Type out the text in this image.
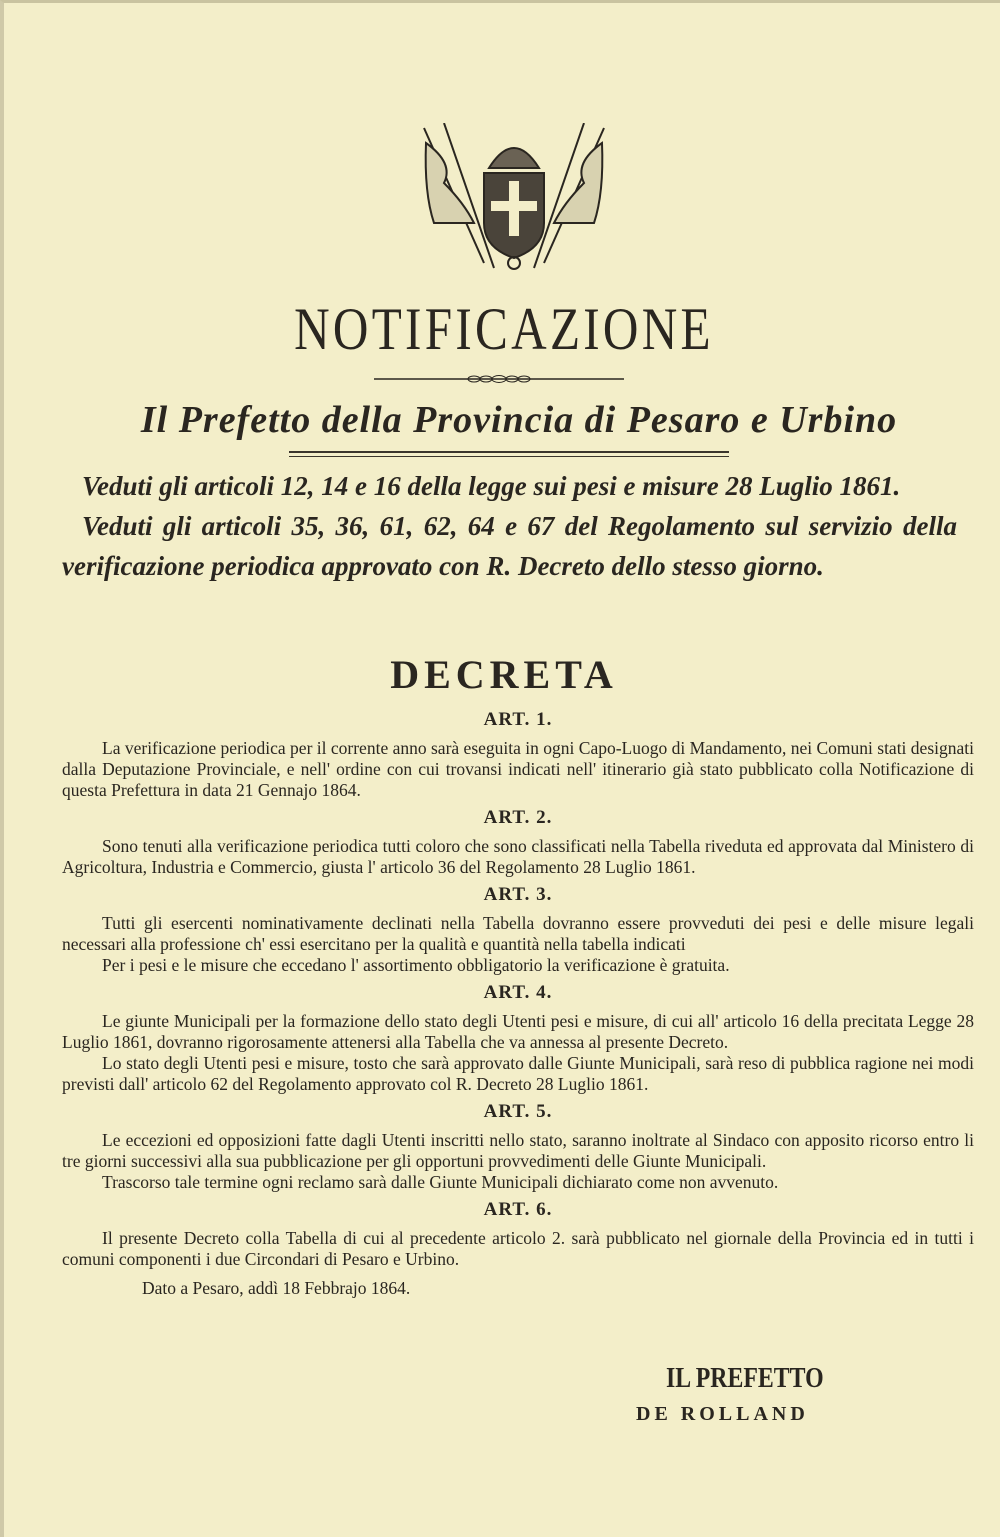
NOTIFICAZIONE
Il Prefetto della Provincia di Pesaro e Urbino

Veduti gli articoli 12, 14 e 16 della legge sui pesi e misure 28 Luglio 1861.

Veduti gli articoli 35, 36, 61, 62, 64 e 67 del Regolamento sul servizio della verificazione periodica approvato con R. Decreto dello stesso giorno.

DECRETA
ART. 1.

La verificazione periodica per il corrente anno sarà eseguita in ogni Capo-Luogo di Mandamento, nei Comuni stati designati dalla Deputazione Provinciale, e nell' ordine con cui trovansi indicati nell' itinerario già stato pubblicato colla Notificazione di questa Prefettura in data 21 Gennajo 1864.

ART. 2.

Sono tenuti alla verificazione periodica tutti coloro che sono classificati nella Tabella riveduta ed approvata dal Ministero di Agricoltura, Industria e Commercio, giusta l' articolo 36 del Regolamento 28 Luglio 1861.

ART. 3.

Tutti gli esercenti nominativamente declinati nella Tabella dovranno essere provveduti dei pesi e delle misure legali necessari alla professione ch' essi esercitano per la qualità e quantità nella tabella indicati

Per i pesi e le misure che eccedano l' assortimento obbligatorio la verificazione è gratuita.

ART. 4.

Le giunte Municipali per la formazione dello stato degli Utenti pesi e misure, di cui all' articolo 16 della precitata Legge 28 Luglio 1861, dovranno rigorosamente attenersi alla Tabella che va annessa al presente Decreto.

Lo stato degli Utenti pesi e misure, tosto che sarà approvato dalle Giunte Municipali, sarà reso di pubblica ragione nei modi previsti dall' articolo 62 del Regolamento approvato col R. Decreto 28 Luglio 1861.

ART. 5.

Le eccezioni ed opposizioni fatte dagli Utenti inscritti nello stato, saranno inoltrate al Sindaco con apposito ricorso entro li tre giorni successivi alla sua pubblicazione per gli opportuni provvedimenti delle Giunte Municipali.

Trascorso tale termine ogni reclamo sarà dalle Giunte Municipali dichiarato come non avvenuto.

ART. 6.

Il presente Decreto colla Tabella di cui al precedente articolo 2. sarà pubblicato nel giornale della Provincia ed in tutti i comuni componenti i due Circondari di Pesaro e Urbino.

Dato a Pesaro, addì 18 Febbrajo 1864.

IL PREFETTO
DE ROLLAND
